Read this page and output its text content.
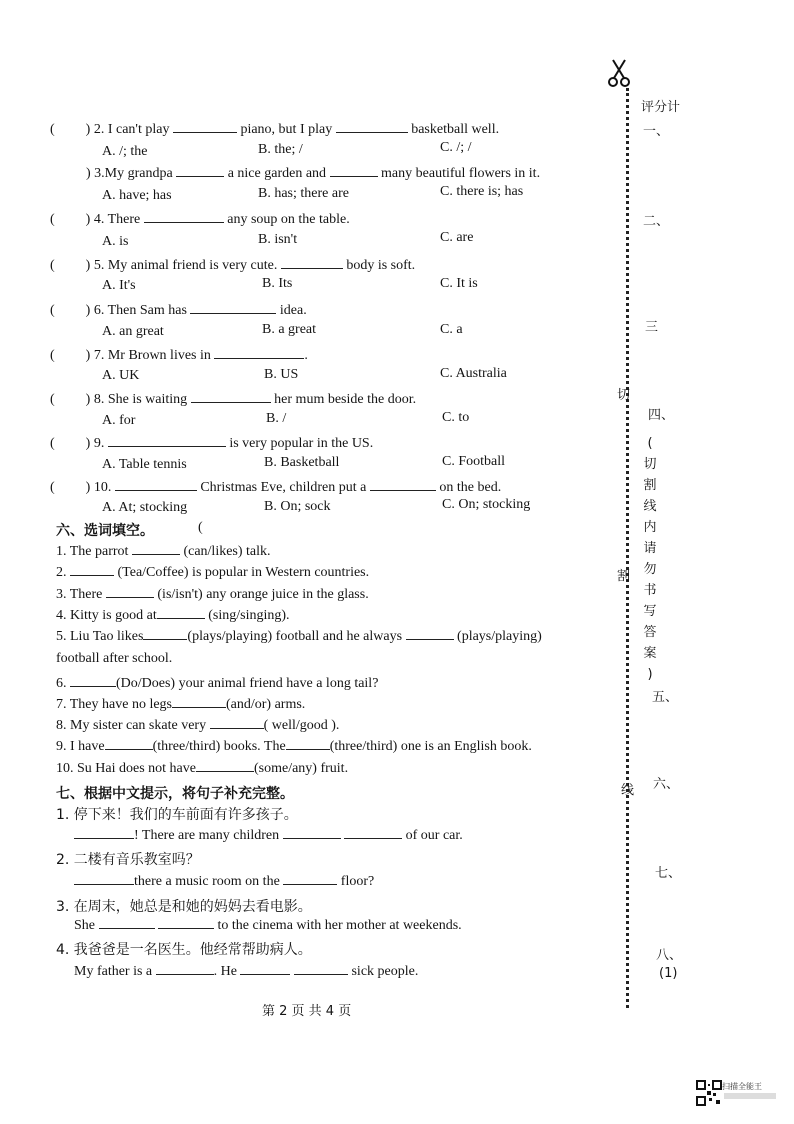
( ) 2. I can't play	piano, but I play	basketball well.
A. /; the	B. the; /	C. /; /
) 3.My grandpa	a nice garden and	many beautiful flowers in it.
A. have; has	B. has; there are	C. there is; has
( ) 4. There	any soup on the table.
A. is	B. isn't	C. are
( ) 5. My animal friend is very cute.	body is soft.
A. It's	B. Its	C. It is
( ) 6. Then Sam has	idea.
A. an great	B. a great	C. a
( ) 7. Mr Brown lives in	.
A. UK	B. US	C. Australia
( ) 8. She is waiting	her mum beside the door.
A. for	B. /	C. to
( ) 9.	is very popular in the US.
A. Table tennis	B. Basketball	C. Football
( ) 10.	Christmas Eve, children put a	on the bed.
A. At; stocking	B. On; sock	C. On; stocking
六、选词填空。	(
1. The parrot	(can/likes) talk.
2.	(Tea/Coffee) is popular in Western countries.
3. There	(is/isn't) any orange juice in the glass.
4. Kitty is good at	(sing/singing).
5. Liu Tao likes	(plays/playing) football and he always	(plays/playing)
football after school.
6.	(Do/Does) your animal friend have a long tail?
7. They have no legs	(and/or) arms.
8. My sister can skate very	( well/good ).
9. I have	(three/third) books. The	(three/third) one is an English book.
10. Su Hai does not have	(some/any) fruit.
七、根据中文提示，将句子补充完整。
1. 停下来！我们的车前面有许多孩子。
! There are many children	of our car.
2. 二楼有音乐教室吗？
there a music room on the	floor?
3. 在周末，她总是和她的妈妈去看电影。
She	to the cinema with her mother at weekends.
4. 我爸爸是一名医生。他经常帮助病人。
My father is a	. He	sick people.
第 2 页 共 4 页
评分计
一、
二、
三
四、
五、
六、
七、
八、
(1)
切
割
线
(
切
割
线
内
请
勿
书
写
答
案
)
扫描全能王
